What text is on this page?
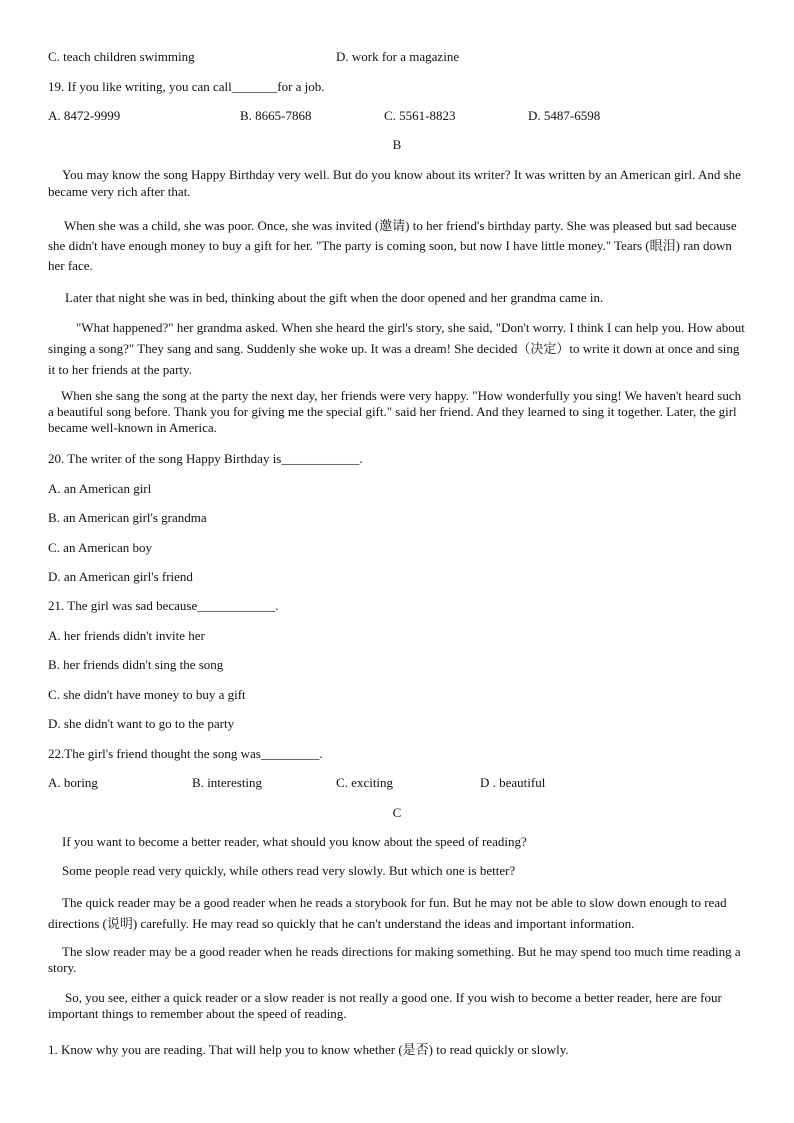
C. teach children swimming	D. work for a magazine
19. If you like writing, you can call_______for a job.
A. 8472-9999	B. 8665-7868	C. 5561-8823	D. 5487-6598
B

You may know the song Happy Birthday very well. But do you know about its writer? It was written by an American girl. And she became very rich after that.

When she was a child, she was poor. Once, she was invited (邀请) to her friend's birthday party. She was pleased but sad because she didn't have enough money to buy a gift for her. "The party is coming soon, but now I have little money." Tears (眼泪) ran down her face.

Later that night she was in bed, thinking about the gift when the door opened and her grandma came in.

"What happened?" her grandma asked. When she heard the girl's story, she said, "Don't worry. I think I can help you. How about singing a song?" They sang and sang. Suddenly she woke up. It was a dream! She decided（决定）to write it down at once and sing it to her friends at the party.

When she sang the song at the party the next day, her friends were very happy. "How wonderfully you sing! We haven't heard such a beautiful song before. Thank you for giving me the special gift." said her friend. And they learned to sing it together. Later, the girl became well-known in America.

20. The writer of the song Happy Birthday is____________.
A. an American girl
B. an American girl's grandma
C. an American boy
D. an American girl's friend
21. The girl was sad because____________.
A. her friends didn't invite her
B. her friends didn't sing the song
C. she didn't have money to buy a gift
D. she didn't want to go to the party
22.The girl's friend thought the song was_________.
A. boring	B. interesting	C. exciting	D . beautiful
C

If you want to become a better reader, what should you know about the speed of reading?

Some people read very quickly, while others read very slowly. But which one is better?

The quick reader may be a good reader when he reads a storybook for fun. But he may not be able to slow down enough to read directions (说明) carefully. He may read so quickly that he can't understand the ideas and important information.

The slow reader may be a good reader when he reads directions for making something. But he may spend too much time reading a story.

So, you see, either a quick reader or a slow reader is not really a good one. If you wish to become a better reader, here are four important things to remember about the speed of reading.

1. Know why you are reading. That will help you to know whether (是否) to read quickly or slowly.
